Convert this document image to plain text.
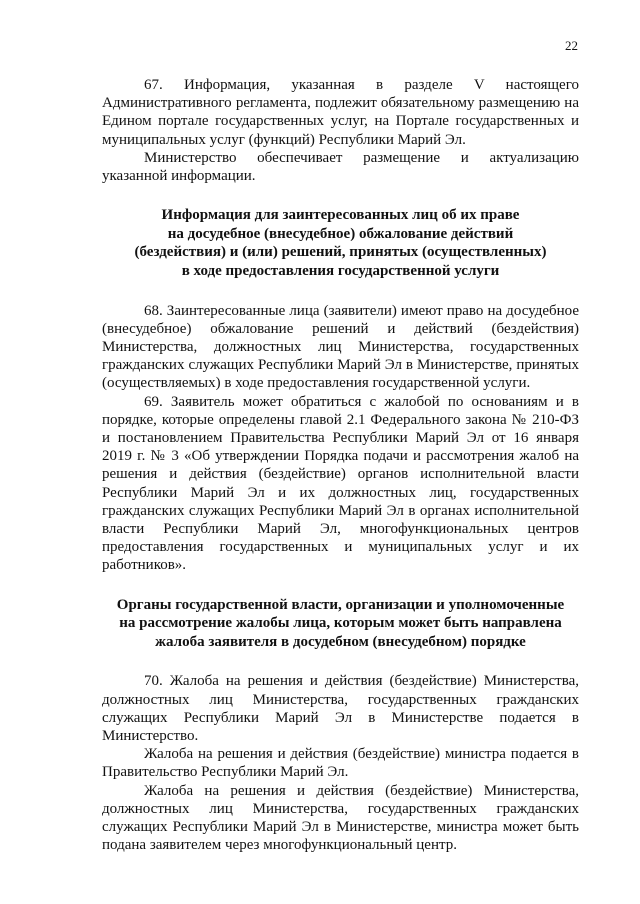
22

67. Информация, указанная в разделе V настоящего Административного регламента, подлежит обязательному размещению на Едином портале государственных услуг, на Портале государственных и муниципальных услуг (функций) Республики Марий Эл.

Министерство обеспечивает размещение и актуализацию указанной информации.

Информация для заинтересованных лиц об их праве

на досудебное (внесудебное) обжалование действий

(бездействия) и (или) решений, принятых (осуществленных)

в ходе предоставления государственной услуги

68. Заинтересованные лица (заявители) имеют право на досудебное (внесудебное) обжалование решений и действий (бездействия) Министерства, должностных лиц Министерства, государственных гражданских служащих Республики Марий Эл в Министерстве, принятых (осуществляемых) в ходе предоставления государственной услуги.

69. Заявитель может обратиться с жалобой по основаниям и в порядке, которые определены главой 2.1 Федерального закона № 210-ФЗ и постановлением Правительства Республики Марий Эл от 16 января 2019 г. № 3 «Об утверждении Порядка подачи и рассмотрения жалоб на решения и действия (бездействие) органов исполнительной власти Республики Марий Эл и их должностных лиц, государственных гражданских служащих Республики Марий Эл в органах исполнительной власти Республики Марий Эл, многофункциональных центров предоставления государственных и муниципальных услуг и их работников».

Органы государственной власти, организации и уполномоченные

на рассмотрение жалобы лица, которым может быть направлена

жалоба заявителя в досудебном (внесудебном) порядке

70. Жалоба на решения и действия (бездействие) Министерства, должностных лиц Министерства, государственных гражданских служащих Республики Марий Эл в Министерстве подается в Министерство.

Жалоба на решения и действия (бездействие) министра подается в Правительство Республики Марий Эл.

Жалоба на решения и действия (бездействие) Министерства, должностных лиц Министерства, государственных гражданских служащих Республики Марий Эл в Министерстве, министра может быть подана заявителем через многофункциональный центр.
